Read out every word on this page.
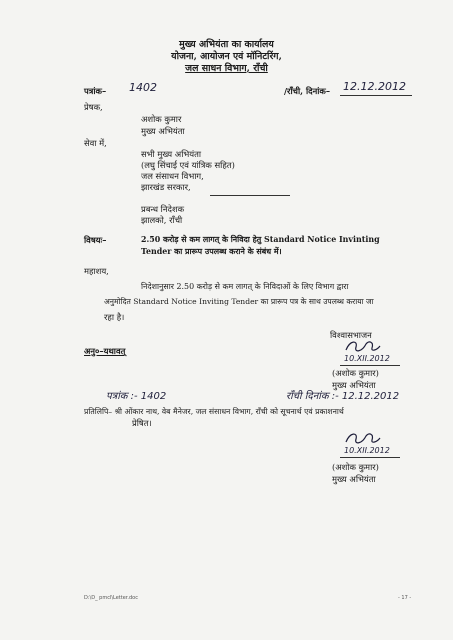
मुख्य अभियंता का कार्यालय
योजना, आयोजन एवं मॉनिटरिंग,
जल साधन विभाग, राँची
पत्रांक– 1402	/राँची, दिनांक– 12.12.2012
प्रेषक,
अशोक कुमार
मुख्य अभियंता
सेवा में,
सभी मुख्य अभियंता
(लघु सिंचाई एवं यांत्रिक सहित)
जल संसाधन विभाग,
झारखंड सरकार,
प्रबन्ध निदेशक
झालको, राँची
विषयः–	2.50 करोड़ से कम लागत् के निविदा हेतु Standard Notice Invinting
Tender का प्रारूप उपलब्ध कराने के संबंध में।
महाशय,
निदेशानुसार 2.50 करोड़ से कम लागत् के निविदाओं के लिए विभाग द्वारा
अनुमोदित Standard Notice Inviting Tender का प्रारूप पत्र के साथ उपलब्ध कराया जा
रहा है।
विश्वासभाजन
अनु०–यथावत्
10.XII.2012
(अशोक कुमार)
मुख्य अभियंता
पत्रांक :- 1402	राँची दिनांक :- 12.12.2012
प्रतिलिपि– श्री ओंकार नाथ, वेब मैनेजर, जल संसाधन विभाग, राँची को सूचनार्थ एवं प्रकाशनार्थ
प्रेषित।
10.XII.2012
(अशोक कुमार)
मुख्य अभियंता
D:\D_ pmcl\Letter.doc	- 17 -
